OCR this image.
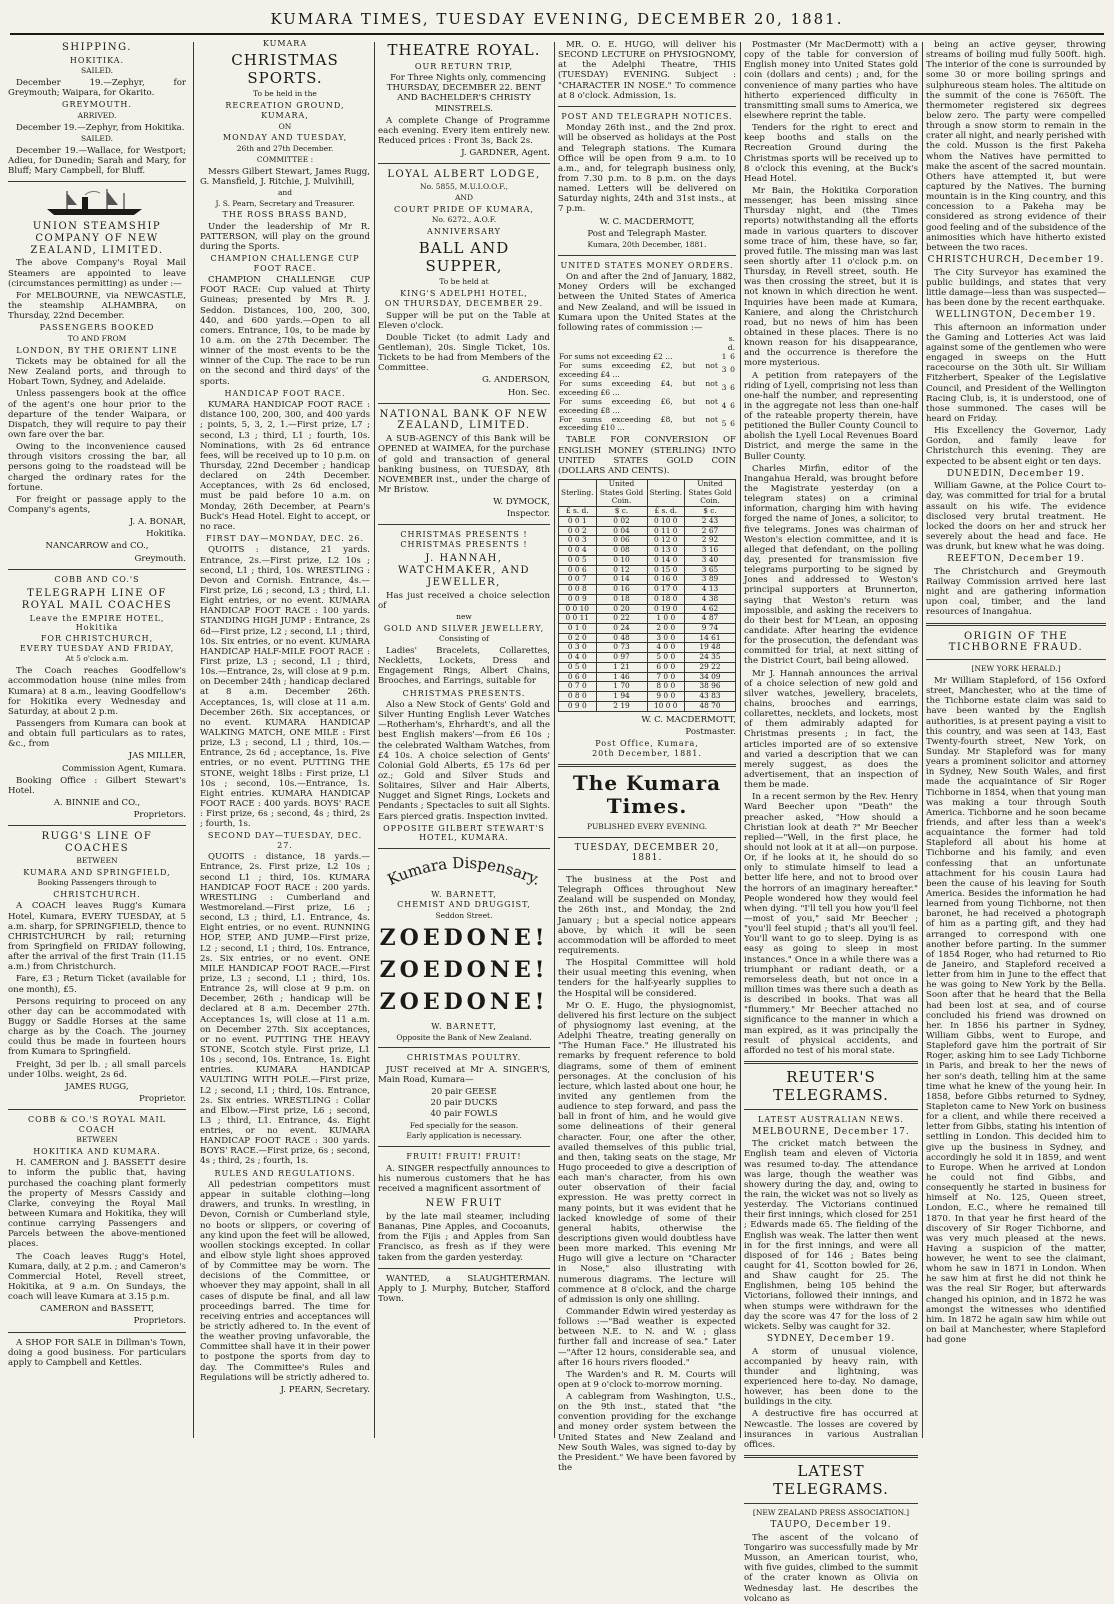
KUMARA TIMES, TUESDAY EVENING, DECEMBER 20, 1881.
SHIPPING.
HOKITIKA.
SAILED.

December 19.—Zephyr, for Greymouth; Waipara, for Okarito.

GREYMOUTH.
ARRIVED.

December 19.—Zephyr, from Hokitika.

SAILED.

December 19.—Wallace, for Westport; Adieu, for Dunedin; Sarah and Mary, for Bluff; Mary Campbell, for Bluff.

UNION STEAMSHIP COMPANY OF NEW ZEALAND, LIMITED.

The above Company's Royal Mail Steamers are appointed to leave (circumstances permitting) as under :—

For MELBOURNE, via NEWCASTLE, the steamship ALHAMBRA, on Thursday, 22nd December.

PASSENGERS BOOKED
TO AND FROM
LONDON, BY THE ORIENT LINE

Tickets may be obtained for all the New Zealand ports, and through to Hobart Town, Sydney, and Adelaide.

Unless passengers book at the office of the agent's one hour prior to the departure of the tender Waipara, or Dispatch, they will require to pay their own fare over the bar.

Owing to the inconvenience caused through visitors crossing the bar, all persons going to the roadstead will be charged the ordinary rates for the fortune.

For freight or passage apply to the Company's agents,

J. A. BONAR,
Hokitika.
NANCARROW and CO.,
Greymouth.
COBB AND CO.'S
TELEGRAPH LINE OF ROYAL MAIL COACHES
Leave the EMPIRE HOTEL, Hokitika
FOR CHRISTCHURCH,
EVERY TUESDAY AND FRIDAY,
At 5 o'clock a.m.

The Coach reaches Goodfellow's accommodation house (nine miles from Kumara) at 8 a.m., leaving Goodfellow's for Hokitika every Wednesday and Saturday, at about 2 p.m.

Passengers from Kumara can book at and obtain full particulars as to rates, &c., from

JAS MILLER,
Commission Agent, Kumara.

Booking Office : Gilbert Stewart's Hotel.

A. BINNIE and CO.,
Proprietors.
RUGG'S LINE OF COACHES
BETWEEN
KUMARA AND SPRINGFIELD,
Booking Passengers through to
CHRISTCHURCH.

A COACH leaves Rugg's Kumara Hotel, Kumara, EVERY TUESDAY, at 5 a.m. sharp, for SPRINGFIELD, thence to CHRISTCHURCH by rail; returning from Springfield on FRIDAY following, after the arrival of the first Train (11.15 a.m.) from Christchurch.

Fare, £3 ; Return Ticket (available for one month), £5.

Persons requiring to proceed on any other day can be accommodated with Buggy or Saddle Horses at the same charge as by the Coach. The journey could thus be made in fourteen hours from Kumara to Springfield.

Freight, 3d per lb. ; all small parcels under 10lbs. weight, 2s 6d.

JAMES RUGG,
Proprietor.
COBB & CO.'S ROYAL MAIL COACH
BETWEEN
HOKITIKA AND KUMARA.

H. CAMERON and J. BASSETT desire to inform the public that, having purchased the coaching plant formerly the property of Messrs Cassidy and Clarke, conveying the Royal Mail between Kumara and Hokitika, they will continue carrying Passengers and Parcels between the above-mentioned places.

The Coach leaves Rugg's Hotel, Kumara, daily, at 2 p.m. ; and Cameron's Commercial Hotel, Revell street, Hokitika, at 9 a.m. On Sundays, the coach will leave Kumara at 3.15 p.m.

CAMERON and BASSETT,
Proprietors.

A SHOP FOR SALE in Dillman's Town, doing a good business. For particulars apply to Campbell and Kettles.

KUMARA
CHRISTMAS SPORTS.
To be held in the
RECREATION GROUND,
KUMARA,
ON
MONDAY AND TUESDAY,
26th and 27th December.
COMMITTEE :

Messrs Gilbert Stewart, James Rugg, G. Mansfield, J. Ritchie, J. Mulvihill,

and
J. S. Pearn, Secretary and Treasurer.
THE ROSS BRASS BAND,

Under the leadership of Mr R. PATTERSON, will play on the ground during the Sports.

CHAMPION CHALLENGE CUP FOOT RACE.

CHAMPION CHALLENGE CUP FOOT RACE: Cup valued at Thirty Guineas; presented by Mrs R. J. Seddon. Distances, 100, 200, 300, 440, and 600 yards.—Open to all comers. Entrance, 10s, to be made by 10 a.m. on the 27th December. The winner of the most events to be the winner of the Cup. The race to be run on the second and third days' of the sports.

HANDICAP FOOT RACE.

KUMARA HANDICAP FOOT RACE : distance 100, 200, 300, and 400 yards ; points, 5, 3, 2, 1.—First prize, L7 ; second, L3 ; third, L1 ; fourth, 10s. Nominations, with 2s 6d entrance fees, will be received up to 10 p.m. on Thursday, 22nd December ; handicap declared on 24th December. Acceptances, with 2s 6d enclosed, must be paid before 10 a.m. on Monday, 26th December, at Pearn's Buck's Head Hotel. Eight to accept, or no race.

FIRST DAY—MONDAY, DEC. 26.

QUOITS : distance, 21 yards. Entrance, 2s.—First prize, L2 10s ; second, L1 ; third, 10s. WRESTLING : Devon and Cornish. Entrance, 4s.—First prize, L6 ; second, L3 ; third, L1. Eight entries, or no event. KUMARA HANDICAP FOOT RACE : 100 yards. STANDING HIGH JUMP : Entrance, 2s 6d—First prize, L2 ; second, L1 ; third, 10s. Six entries, or no event. KUMARA HANDICAP HALF-MILE FOOT RACE : First prize, L3 ; second, L1 ; third, 10s.—Entrance, 2s, will close at 9 p.m. on December 24th ; handicap declared at 8 a.m. December 26th. Acceptances, 1s, will close at 11 a.m. December 26th. Six acceptances, or no event. KUMARA HANDICAP WALKING MATCH, ONE MILE : First prize, L3 ; second, L1 ; third, 10s.—Entrance, 2s 6d ; acceptance, 1s. Five entries, or no event. PUTTING THE STONE, weight 18lbs : First prize, L1 10s ; second, 10s.—Entrance, 1s. Eight entries. KUMARA HANDICAP FOOT RACE : 400 yards. BOYS' RACE : First prize, 6s ; second, 4s ; third, 2s ; fourth, 1s.

SECOND DAY—TUESDAY, DEC. 27.

QUOITS : distance, 18 yards.—Entrance, 2s. First prize, L2 10s ; second L1 ; third, 10s. KUMARA HANDICAP FOOT RACE : 200 yards. WRESTLING : Cumberland and Westmoreland.—First prize, L6 ; second, L3 ; third, L1. Entrance, 4s. Eight entries, or no event. RUNNING HOP, STEP, AND JUMP.—First prize, L2 ; second, L1 ; third, 10s. Entrance, 2s. Six entries, or no event. ONE MILE HANDICAP FOOT RACE.—First prize, L3 ; second, L1 ; third, 10s. Entrance 2s, will close at 9 p.m. on December, 26th ; handicap will be declared at 8 a.m. December 27th. Acceptances 1s, will close at 11 a.m. on December 27th. Six acceptances, or no event. PUTTING THE HEAVY STONE, Scotch style. First prize, L1 10s ; second, 10s. Entrance, 1s. Eight entries. KUMARA HANDICAP VAULTING WITH POLE.—First prize, L2 ; second, L1 ; third, 10s. Entrance, 2s. Six entries. WRESTLING : Collar and Elbow.—First prize, L6 ; second, L3 ; third, L1. Entrance, 4s. Eight entries, or no event. KUMARA HANDICAP FOOT RACE : 300 yards. BOYS' RACE.—First prize, 6s ; second, 4s ; third, 2s ; fourth, 1s.

RULES AND REGULATIONS.

All pedestrian competitors must appear in suitable clothing—long drawers, and trunks. In wrestling, in Devon, Cornish or Cumberland style, no boots or slippers, or covering of any kind upon the feet will be allowed, woollen stockings excepted. In collar and elbow style light shoes approved of by Committee may be worn. The decisions of the Committee, or whoever they may appoint, shall in all cases of dispute be final, and all law proceedings barred. The time for receiving entries and acceptances will be strictly adhered to. In the event of the weather proving unfavorable, the Committee shall have it in their power to postpone the sports from day to day. The Committee's Rules and Regulations will be strictly adhered to.

J. PEARN, Secretary.
THEATRE ROYAL.
OUR RETURN TRIP,

For Three Nights only, commencing THURSDAY, DECEMBER 22. BENT AND BACHELDER'S CHRISTY MINSTRELS.

A complete Change of Programme each evening. Every item entirely new. Reduced prices : Front 3s, Back 2s.

J. GARDNER, Agent.
LOYAL ALBERT LODGE,
No. 5855, M.U.I.O.O.F.,
AND
COURT PRIDE OF KUMARA,
No. 6272., A.O.F.
ANNIVERSARY
BALL AND SUPPER,
To be held at
KING'S ADELPHI HOTEL,
ON THURSDAY, DECEMBER 29.

Supper will be put on the Table at Eleven o'clock.

Double Ticket (to admit Lady and Gentleman), 20s. Single Ticket, 10s. Tickets to be had from Members of the Committee.

G. ANDERSON,
Hon. Sec.
NATIONAL BANK OF NEW ZEALAND, LIMITED.

A SUB-AGENCY of this Bank will be OPENED at WAIMEA, for the purchase of gold and transaction of general banking business, on TUESDAY, 8th NOVEMBER inst., under the charge of Mr Bristow.

W. DYMOCK,
Inspector.
CHRISTMAS PRESENTS ! CHRISTMAS PRESENTS !
J. HANNAH, WATCHMAKER, AND JEWELLER,

Has just received a choice selection of

new
GOLD AND SILVER JEWELLERY,
Consisting of

Ladies' Bracelets, Collarettes, Neckletts, Lockets, Dress and Engagement Rings, Albert Chains, Brooches, and Earrings, suitable for

CHRISTMAS PRESENTS.

Also a New Stock of Gents' Gold and Silver Hunting English Lever Watches—Rotherham's, Ehrhardt's, and all the best English makers'—from £6 10s ; the celebrated Waltham Watches, from £4 10s. A choice selection of Gents' Colonial Gold Alberts, £5 17s 6d per oz.; Gold and Silver Studs and Solitaires, Silver and Hair Alberts, Nugget and Signet Rings, Lockets and Pendants ; Spectacles to suit all Sights. Ears pierced gratis. Inspection invited.

OPPOSITE GILBERT STEWART'S HOTEL, KUMARA.
Kumara Dispensary.
W. BARNETT,
CHEMIST AND DRUGGIST,
Seddon Street.
ZOEDONE!
ZOEDONE!
ZOEDONE!
W. BARNETT,
Opposite the Bank of New Zealand.
CHRISTMAS POULTRY.

JUST received at Mr A. SINGER'S, Main Road, Kumara—

20 pair GEESE
20 pair DUCKS
40 pair FOWLS
Fed specially for the season.
Early application is necessary.
FRUIT! FRUIT! FRUIT!

A. SINGER respectfully announces to his numerous customers that he has received a magnificent assortment of

NEW FRUIT

by the late mail steamer, including Bananas, Pine Apples, and Cocoanuts, from the Fijis ; and Apples from San Francisco, as fresh as if they were taken from the garden yesterday.

WANTED, a SLAUGHTERMAN. Apply to J. Murphy, Butcher, Stafford Town.

MR. O. E. HUGO, will deliver his SECOND LECTURE on PHYSIOGNOMY, at the Adelphi Theatre, THIS (TUESDAY) EVENING. Subject : "CHARACTER IN NOSE." To commence at 8 o'clock. Admission, 1s.

POST AND TELEGRAPH NOTICES.

Monday 26th inst., and the 2nd prox. will be observed as holidays at the Post and Telegraph stations. The Kumara Office will be open from 9 a.m. to 10 a.m., and, for telegraph business only, from 7.30 p.m. to 8 p.m. on the days named. Letters will be delivered on Saturday nights, 24th and 31st insts., at 7 p.m.

W. C. MACDERMOTT,
Post and Telegraph Master.
Kumara, 20th December, 1881.
UNITED STATES MONEY ORDERS.

On and after the 2nd of January, 1882, Money Orders will be exchanged between the United States of America and New Zealand, and will be issued in Kumara upon the United States at the following rates of commission :—

	s. d.	
For sums not exceeding £2 ...	1	6
For sums exceeding £2, but not exceeding £4 ...	3	0
For sums exceeding £4, but not exceeding £6 ...	3	6
For sums exceeding £6, but not exceeding £8 ...	4	6
For sums exceeding £8, but not exceeding £10 ...	5	6

TABLE FOR CONVERSION OF ENGLISH MONEY (STERLING) INTO UNITED STATES GOLD COIN (DOLLARS AND CENTS).

Sterling.	United States Gold Coin.	Sterling.	United States Gold Coin.
£ s. d.	$ c.	£ s. d.	$ c.
0 0 1	0 02	0 10 0	2 43
0 0 2	0 04	0 11 0	2 67
0 0 3	0 06	0 12 0	2 92
0 0 4	0 08	0 13 0	3 16
0 0 5	0 10	0 14 0	3 40
0 0 6	0 12	0 15 0	3 65
0 0 7	0 14	0 16 0	3 89
0 0 8	0 16	0 17 0	4 13
0 0 9	0 18	0 18 0	4 38
0 0 10	0 20	0 19 0	4 62
0 0 11	0 22	1 0 0	4 87
0 1 0	0 24	2 0 0	9 74
0 2 0	0 48	3 0 0	14 61
0 3 0	0 73	4 0 0	19 48
0 4 0	0 97	5 0 0	24 35
0 5 0	1 21	6 0 0	29 22
0 6 0	1 46	7 0 0	34 09
0 7 0	1 70	8 0 0	38 96
0 8 0	1 94	9 0 0	43 83
0 9 0	2 19	10 0 0	48 70
W. C. MACDERMOTT,
Postmaster.
Post Office, Kumara,
20th December, 1881.
The Kumara Times.
PUBLISHED EVERY EVENING.
TUESDAY, DECEMBER 20, 1881.

The business at the Post and Telegraph Offices throughout New Zealand will be suspended on Monday, the 26th inst., and Monday, the 2nd January ; but a special notice appears above, by which it will be seen accommodation will be afforded to meet requirements.

The Hospital Committee will hold their usual meeting this evening, when tenders for the half-yearly supplies to the Hospital will be considered.

Mr O. E. Hugo, the physiognomist, delivered his first lecture on the subject of physiognomy last evening, at the Adelphi Theatre, treating generally on "The Human Face." He illustrated his remarks by frequent reference to bold diagrams, some of them of eminent personages. At the conclusion of his lecture, which lasted about one hour, he invited any gentlemen from the audience to step forward, and pass the ball in front of him, and he would give some delineations of their general character. Four, one after the other, availed themselves of this public trial, and then, taking seats on the stage, Mr Hugo proceeded to give a description of each man's character, from his own outer observation of their facial expression. He was pretty correct in many points, but it was evident that he lacked knowledge of some of their general habits, otherwise the descriptions given would doubtless have been more marked. This evening Mr Hugo will give a lecture on "Character in Nose," also illustrating with numerous diagrams. The lecture will commence at 8 o'clock, and the charge of admission is only one shilling.

Commander Edwin wired yesterday as follows :—"Bad weather is expected between N.E. to N. and W. ; glass further fall and increase of sea." Later—"After 12 hours, considerable sea, and after 16 hours rivers flooded."

The Warden's and R. M. Courts will open at 9 o'clock to-morrow morning.

A cablegram from Washington, U.S., on the 9th inst., stated that "the convention providing for the exchange and money order system between the United States and New Zealand and New South Wales, was signed to-day by the President." We have been favored by the

Postmaster (Mr MacDermott) with a copy of the table for conversion of English money into United States gold coin (dollars and cents) ; and, for the convenience of many parties who have hitherto experienced difficulty in transmitting small sums to America, we elsewhere reprint the table.

Tenders for the right to erect and keep booths and stalls on the Recreation Ground during the Christmas sports will be received up to 8 o'clock this evening, at the Buck's Head Hotel.

Mr Bain, the Hokitika Corporation messenger, has been missing since Thursday night, and (the Times reports) notwithstanding all the efforts made in various quarters to discover some trace of him, these have, so far, proved futile. The missing man was last seen shortly after 11 o'clock p.m. on Thursday, in Revell street, south. He was then crossing the street, but it is not known in which direction he went. Inquiries have been made at Kumara, Kaniere, and along the Christchurch road, but no news of him has been obtained in these places. There is no known reason for his disappearance, and the occurrence is therefore the more mysterious.

A petition from ratepayers of the riding of Lyell, comprising not less than one-half the number, and representing in the aggregate not less than one-half of the rateable property therein, have petitioned the Buller County Council to abolish the Lyell Local Revenues Board District, and merge the same in the Buller County.

Charles Mirfin, editor of the Inangahua Herald, was brought before the Magistrate yesterday (on a telegram states) on a criminal information, charging him with having forged the name of Jones, a solicitor, to five telegrams. Jones was chairman of Weston's election committee, and it is alleged that defendant, on the polling day, presented for transmission five telegrams purporting to be signed by Jones and addressed to Weston's principal supporters at Brunnerton, saying that Weston's return was impossible, and asking the receivers to do their best for M'Lean, an opposing candidate. After hearing the evidence for the prosecution, the defendant was committed for trial, at next sitting of the District Court, bail being allowed.

Mr J. Hannah announces the arrival of a choice selection of new gold and silver watches, jewellery, bracelets, chains, brooches and earrings, collarettes, necklets, and lockets, most of them admirably adapted for Christmas presents ; in fact, the articles imported are of so extensive and varied a description that we can merely suggest, as does the advertisement, that an inspection of them be made.

In a recent sermon by the Rev. Henry Ward Beecher upon "Death" the preacher asked, "How should a Christian look at death ?" Mr Beecher replied—"Well, in the first place, he should not look at it at all—on purpose. Or, if he looks at it, he should do so only to stimulate himself to lead a better life here, and not to brood over the horrors of an imaginary hereafter." People wondered how they would feel when dying. "I'll tell you how you'll feel—most of you," said Mr Beecher ; "you'll feel stupid ; that's all you'll feel. You'll want to go to sleep. Dying is as easy as going to sleep in most instances." Once in a while there was a triumphant or radiant death, or a remorseless death, but not once in a million times was there such a death as is described in books. That was all "flummery." Mr Beecher attached no significance to the manner in which a man expired, as it was principally the result of physical accidents, and afforded no test of his moral state.

REUTER'S TELEGRAMS.
LATEST AUSTRALIAN NEWS.
MELBOURNE, December 17.

The cricket match between the English team and eleven of Victoria was resumed to-day. The attendance was large, though the weather was showery during the day, and, owing to the rain, the wicket was not so lively as yesterday. The Victorians continued their first innings, which closed for 251 ; Edwards made 65. The fielding of the English was weak. The latter then went in for the first innings, and were all disposed of for 146 ; Bates being caught for 41, Scotton bowled for 26, and Shaw caught for 25. The Englishmen, being 105 behind the Victorians, followed their innings, and when stumps were withdrawn for the day the score was 47 for the loss of 2 wickets. Selby was caught for 32.

SYDNEY, December 19.

A storm of unusual violence, accompanied by heavy rain, with thunder and lightning, was experienced here to-day. No damage, however, has been done to the buildings in the city.

A destructive fire has occurred at Newcastle. The losses are covered by insurances in various Australian offices.

LATEST TELEGRAMS.
[NEW ZEALAND PRESS ASSOCIATION.]
TAUPO, December 19.

The ascent of the volcano of Tongariro was successfully made by Mr Musson, an American tourist, who, with five guides, climbed to the summit of the crater known as Olivia on Wednesday last. He describes the volcano as

being an active geyser, throwing streams of boiling mud fully 500ft. high. The interior of the cone is surrounded by some 30 or more boiling springs and sulphureous steam holes. The altitude on the summit of the cone is 7650ft. The thermometer registered six degrees below zero. The party were compelled through a snow storm to remain in the crater all night, and nearly perished with the cold. Musson is the first Pakeha whom the Natives have permitted to make the ascent of the sacred mountain. Others have attempted it, but were captured by the Natives. The burning mountain is in the King country, and this concession to a Pakeha may be considered as strong evidence of their good feeling and of the subsidence of the animosities which have hitherto existed between the two races.

CHRISTCHURCH, December 19.

The City Surveyor has examined the public buildings, and states that very little damage—less than was suspected—has been done by the recent earthquake.

WELLINGTON, December 19.

This afternoon an information under the Gaming and Lotteries Act was laid against some of the gentlemen who were engaged in sweeps on the Hutt racecourse on the 30th ult. Sir William Fitzherbert, Speaker of the Legislative Council, and President of the Wellington Racing Club, is, it is understood, one of those summoned. The cases will be heard on Friday.

His Excellency the Governor, Lady Gordon, and family leave for Christchurch this evening. They are expected to be absent eight or ten days.

DUNEDIN, December 19.

William Gawne, at the Police Court to-day, was committed for trial for a brutal assault on his wife. The evidence disclosed very brutal treatment. He locked the doors on her and struck her severely about the head and face. He was drunk, but knew what he was doing.

REEFTON, December 19.

The Christchurch and Greymouth Railway Commission arrived here last night and are gathering information upon coal, timber, and the land resources of Inangahua.

ORIGIN OF THE TICHBORNE FRAUD.
[NEW YORK HERALD.]

Mr William Stapleford, of 156 Oxford street, Manchester, who at the time of the Tichborne estate claim was said to have been wanted by the English authorities, is at present paying a visit to this country, and was seen at 143, East Twenty-fourth street, New York, on Sunday. Mr Stapleford was for many years a prominent solicitor and attorney in Sydney, New South Wales, and first made the acquaintance of Sir Roger Tichborne in 1854, when that young man was making a tour through South America. Tichborne and he soon became friends, and after less than a week's acquaintance the former had told Stapleford all about his home at Tichborne and his family, and even confessing that an unfortunate attachment for his cousin Laura had been the cause of his leaving for South America. Besides the information he had learned from young Tichborne, not then baronet, he had received a photograph of him as a parting gift, and they had arranged to correspond with one another before parting. In the summer of 1854 Roger, who had returned to Rio de Janeiro, and Stapleford received a letter from him in June to the effect that he was going to New York by the Bella. Soon after that he heard that the Bella had been lost at sea, and of course concluded his friend was drowned on her. In 1856 his partner in Sydney, William Gibbs, went to Europe, and Stapleford gave him the portrait of Sir Roger, asking him to see Lady Tichborne in Paris, and break to her the news of her son's death, telling him at the same time what he knew of the young heir. In 1858, before Gibbs returned to Sydney, Stapleton came to New York on business for a client, and while there received a letter from Gibbs, stating his intention of settling in London. This decided him to give up the business in Sydney, and accordingly he sold it in 1859, and went to Europe. When he arrived at London he could not find Gibbs, and consequently he started in business for himself at No. 125, Queen street, London, E.C., where he remained till 1870. In that year he first heard of the discovery of Sir Roger Tichborne, and was very much pleased at the news. Having a suspicion of the matter, however, he went to see the claimant, whom he saw in 1871 in London. When he saw him at first he did not think he was the real Sir Roger, but afterwards changed his opinion, and in 1872 he was amongst the witnesses who identified him. In 1872 he again saw him while out on bail at Manchester, where Stapleford had gone
